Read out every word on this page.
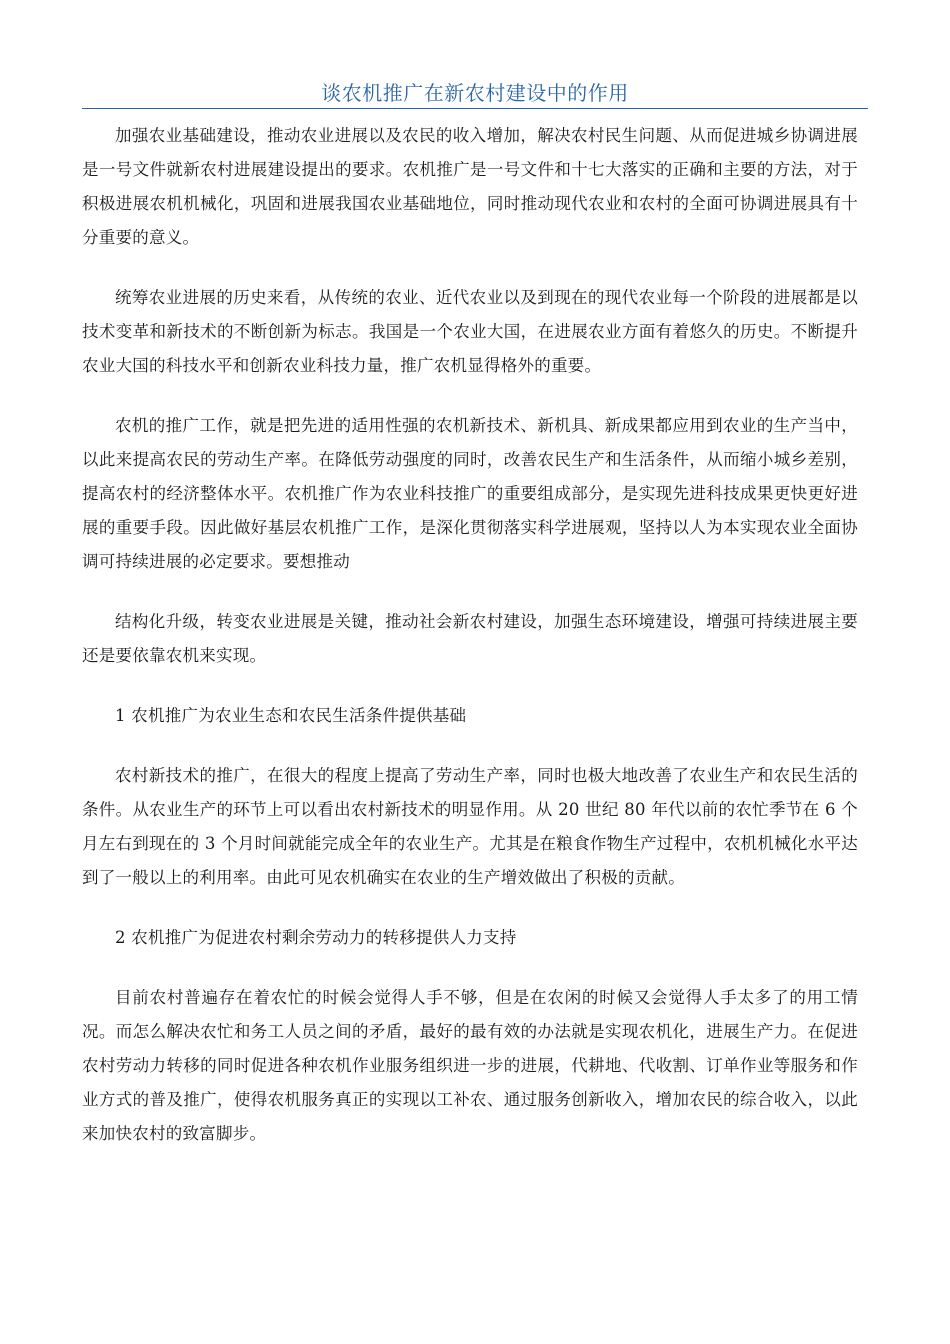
谈农机推广在新农村建设中的作用

加强农业基础建设，推动农业进展以及农民的收入增加，解决农村民生问题、从而促进城乡协调进展是一号文件就新农村进展建设提出的要求。农机推广是一号文件和十七大落实的正确和主要的方法，对于积极进展农机机械化，巩固和进展我国农业基础地位，同时推动现代农业和农村的全面可协调进展具有十分重要的意义。

统筹农业进展的历史来看，从传统的农业、近代农业以及到现在的现代农业每一个阶段的进展都是以技术变革和新技术的不断创新为标志。我国是一个农业大国，在进展农业方面有着悠久的历史。不断提升农业大国的科技水平和创新农业科技力量，推广农机显得格外的重要。

农机的推广工作，就是把先进的适用性强的农机新技术、新机具、新成果都应用到农业的生产当中，以此来提高农民的劳动生产率。在降低劳动强度的同时，改善农民生产和生活条件，从而缩小城乡差别，提高农村的经济整体水平。农机推广作为农业科技推广的重要组成部分，是实现先进科技成果更快更好进展的重要手段。因此做好基层农机推广工作，是深化贯彻落实科学进展观，坚持以人为本实现农业全面协调可持续进展的必定要求。要想推动

结构化升级，转变农业进展是关键，推动社会新农村建设，加强生态环境建设，增强可持续进展主要还是要依靠农机来实现。

1 农机推广为农业生态和农民生活条件提供基础

农村新技术的推广，在很大的程度上提高了劳动生产率，同时也极大地改善了农业生产和农民生活的条件。从农业生产的环节上可以看出农村新技术的明显作用。从 20 世纪 80 年代以前的农忙季节在 6 个月左右到现在的 3 个月时间就能完成全年的农业生产。尤其是在粮食作物生产过程中，农机机械化水平达到了一般以上的利用率。由此可见农机确实在农业的生产增效做出了积极的贡献。

2 农机推广为促进农村剩余劳动力的转移提供人力支持

目前农村普遍存在着农忙的时候会觉得人手不够，但是在农闲的时候又会觉得人手太多了的用工情况。而怎么解决农忙和务工人员之间的矛盾，最好的最有效的办法就是实现农机化，进展生产力。在促进农村劳动力转移的同时促进各种农机作业服务组织进一步的进展，代耕地、代收割、订单作业等服务和作业方式的普及推广，使得农机服务真正的实现以工补农、通过服务创新收入，增加农民的综合收入，以此来加快农村的致富脚步。
